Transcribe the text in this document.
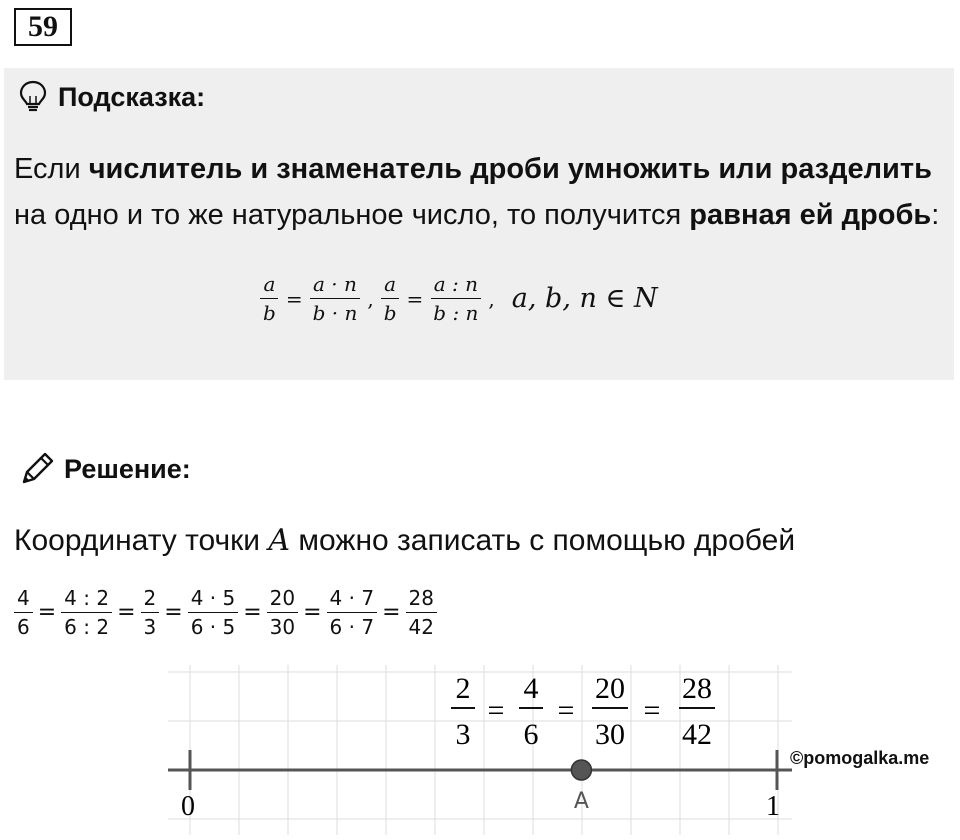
59
Подсказка:
Если числитель и знаменатель дроби умножить или разделить на одно и то же натуральное число, то получится равная ей дробь:
$\frac{a}{b} = \frac{a \cdot n}{b \cdot n}$ , $\frac{a}{b} = \frac{a : n}{b : n}$ , a, b, n ∈ N
Решение:
Координату точки A можно записать с помощью дробей
$\frac{4}{6} = \frac{4 : 2}{6 : 2} = \frac{2}{3} = \frac{4 \cdot 5}{6 \cdot 5} = \frac{20}{30} = \frac{4 \cdot 7}{6 \cdot 7} = \frac{28}{42}$
0	1
A
2
3
=
4
6
=
20
30
=
28
42
©pomogalka.me
